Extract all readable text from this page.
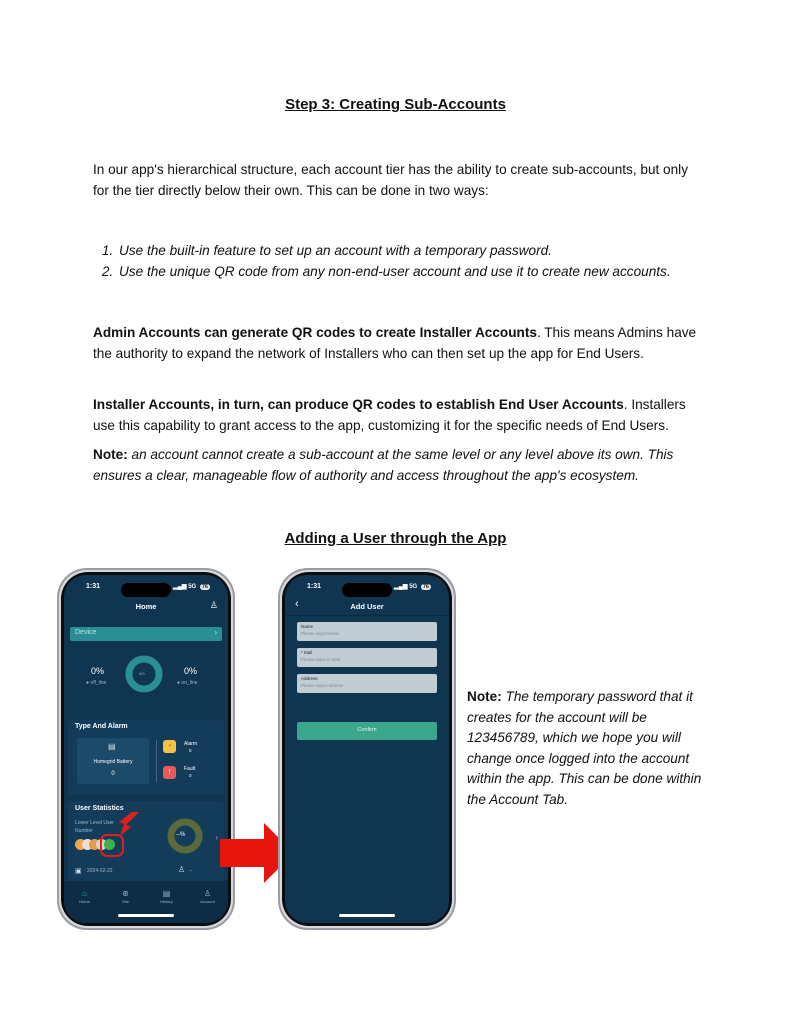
Step 3: Creating Sub-Accounts
In our app's hierarchical structure, each account tier has the ability to create sub-accounts, but only for the tier directly below their own. This can be done in two ways:
1. Use the built-in feature to set up an account with a temporary password.
2. Use the unique QR code from any non-end-user account and use it to create new accounts.
Admin Accounts can generate QR codes to create Installer Accounts. This means Admins have the authority to expand the network of Installers who can then set up the app for End Users.
Installer Accounts, in turn, can produce QR codes to establish End User Accounts. Installers use this capability to grant access to the app, customizing it for the specific needs of End Users.
Note: an account cannot create a sub-account at the same level or any level above its own. This ensures a clear, manageable flow of authority and access throughout the app's ecosystem.
Adding a User through the App
Note: The temporary password that it creates for the account will be 123456789, which we hope you will change once logged into the account within the app. This can be done within the Account Tab.
1:31	▂▄▆ 5G 76
Home	♙
Device	›
0%
● off_line
0/0	0%
● on_line
Type And Alarm
▤
Homegrid Battery
0
◔	Alarm
0
!	Fault
0
User Statistics
Lower Level User
Number
--%	›
▣ 2024-02-22	♙ --
⌂
Home
⊛
Site
▤
History
♙
Account
1:31	▂▄▆ 5G 76
‹	Add User
Name
Please input Name
* Mail
Please input E-mail
Address
Please input Address
Confirm
